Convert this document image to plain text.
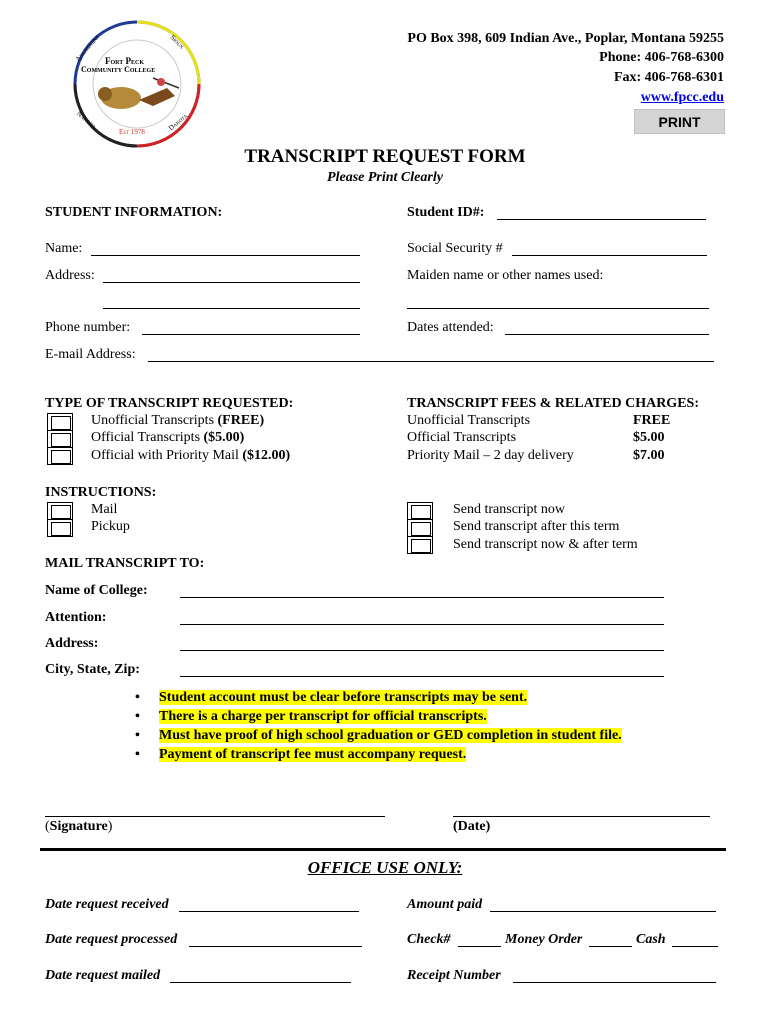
Fort Peck
Community College
Assiniboine	Sioux
Nakoda	Dakota
Est 1978
PO Box 398, 609 Indian Ave., Poplar, Montana 59255
Phone: 406-768-6300
Fax: 406-768-6301
www.fpcc.edu
PRINT
TRANSCRIPT REQUEST FORM
Please Print Clearly
STUDENT INFORMATION:	Student ID#:
Name:	Social Security #
Address:	Maiden name or other names used:
Phone number:	Dates attended:
E-mail Address:
TYPE OF TRANSCRIPT REQUESTED:
Unofficial Transcripts (FREE)
Official Transcripts ($5.00)
Official with Priority Mail ($12.00)
TRANSCRIPT FEES & RELATED CHARGES:
Unofficial Transcripts	FREE
Official Transcripts	$5.00
Priority Mail – 2 day delivery	$7.00
INSTRUCTIONS:
Mail
Pickup
Send transcript now
Send transcript after this term
Send transcript now & after term
MAIL TRANSCRIPT TO:
Name of College:
Attention:
Address:
City, State, Zip:
• Student account must be clear before transcripts may be sent.
• There is a charge per transcript for official transcripts.
• Must have proof of high school graduation or GED completion in student file.
• Payment of transcript fee must accompany request.
(Signature)	(Date)
OFFICE USE ONLY:
Date request received	Amount paid
Date request processed	Check#	Money Order	Cash
Date request mailed	Receipt Number
